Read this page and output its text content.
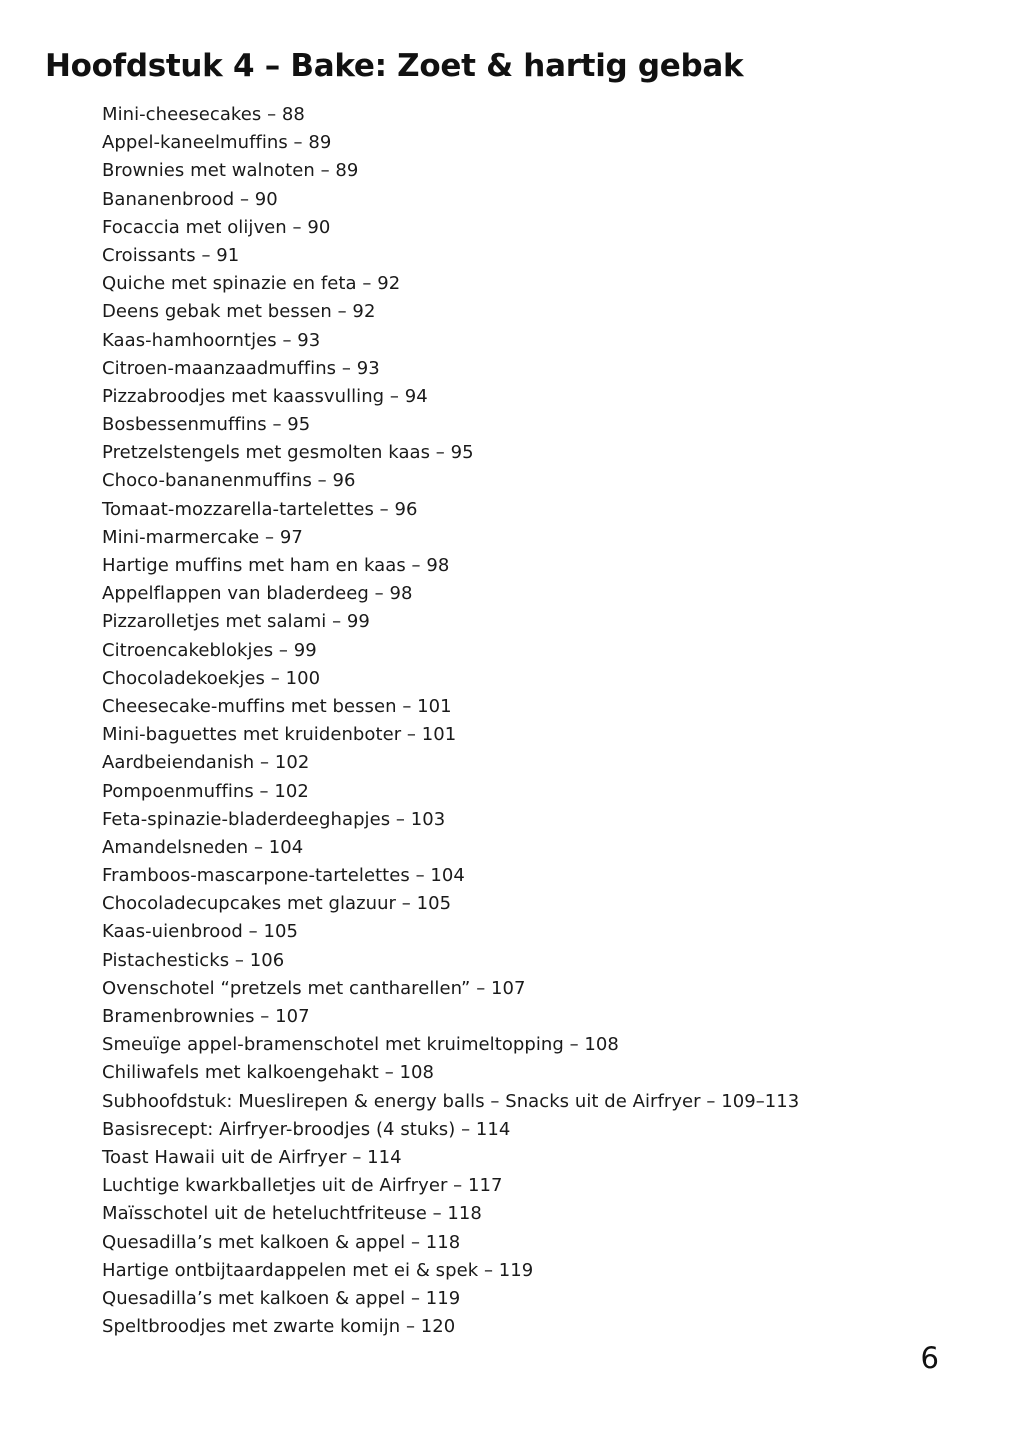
Hoofdstuk 4 – Bake: Zoet & hartig gebak
Mini-cheesecakes – 88
Appel-kaneelmuffins – 89
Brownies met walnoten – 89
Bananenbrood – 90
Focaccia met olijven – 90
Croissants – 91
Quiche met spinazie en feta – 92
Deens gebak met bessen – 92
Kaas-hamhoorntjes – 93
Citroen-maanzaadmuffins – 93
Pizzabroodjes met kaassvulling – 94
Bosbessenmuffins – 95
Pretzelstengels met gesmolten kaas – 95
Choco-bananenmuffins – 96
Tomaat-mozzarella-tartelettes – 96
Mini-marmercake – 97
Hartige muffins met ham en kaas – 98
Appelflappen van bladerdeeg – 98
Pizzarolletjes met salami – 99
Citroencakeblokjes – 99
Chocoladekoekjes – 100
Cheesecake-muffins met bessen – 101
Mini-baguettes met kruidenboter – 101
Aardbeiendanish – 102
Pompoenmuffins – 102
Feta-spinazie-bladerdeeghapjes – 103
Amandelsneden – 104
Framboos-mascarpone-tartelettes – 104
Chocoladecupcakes met glazuur – 105
Kaas-uienbrood – 105
Pistachesticks – 106
Ovenschotel “pretzels met cantharellen” – 107
Bramenbrownies – 107
Smeuïge appel-bramenschotel met kruimeltopping – 108
Chiliwafels met kalkoengehakt – 108
Subhoofdstuk: Mueslirepen & energy balls – Snacks uit de Airfryer – 109–113
Basisrecept: Airfryer-broodjes (4 stuks) – 114
Toast Hawaii uit de Airfryer – 114
Luchtige kwarkballetjes uit de Airfryer – 117
Maïsschotel uit de heteluchtfriteuse – 118
Quesadilla’s met kalkoen & appel – 118
Hartige ontbijtaardappelen met ei & spek – 119
Quesadilla’s met kalkoen & appel – 119
Speltbroodjes met zwarte komijn – 120
6
